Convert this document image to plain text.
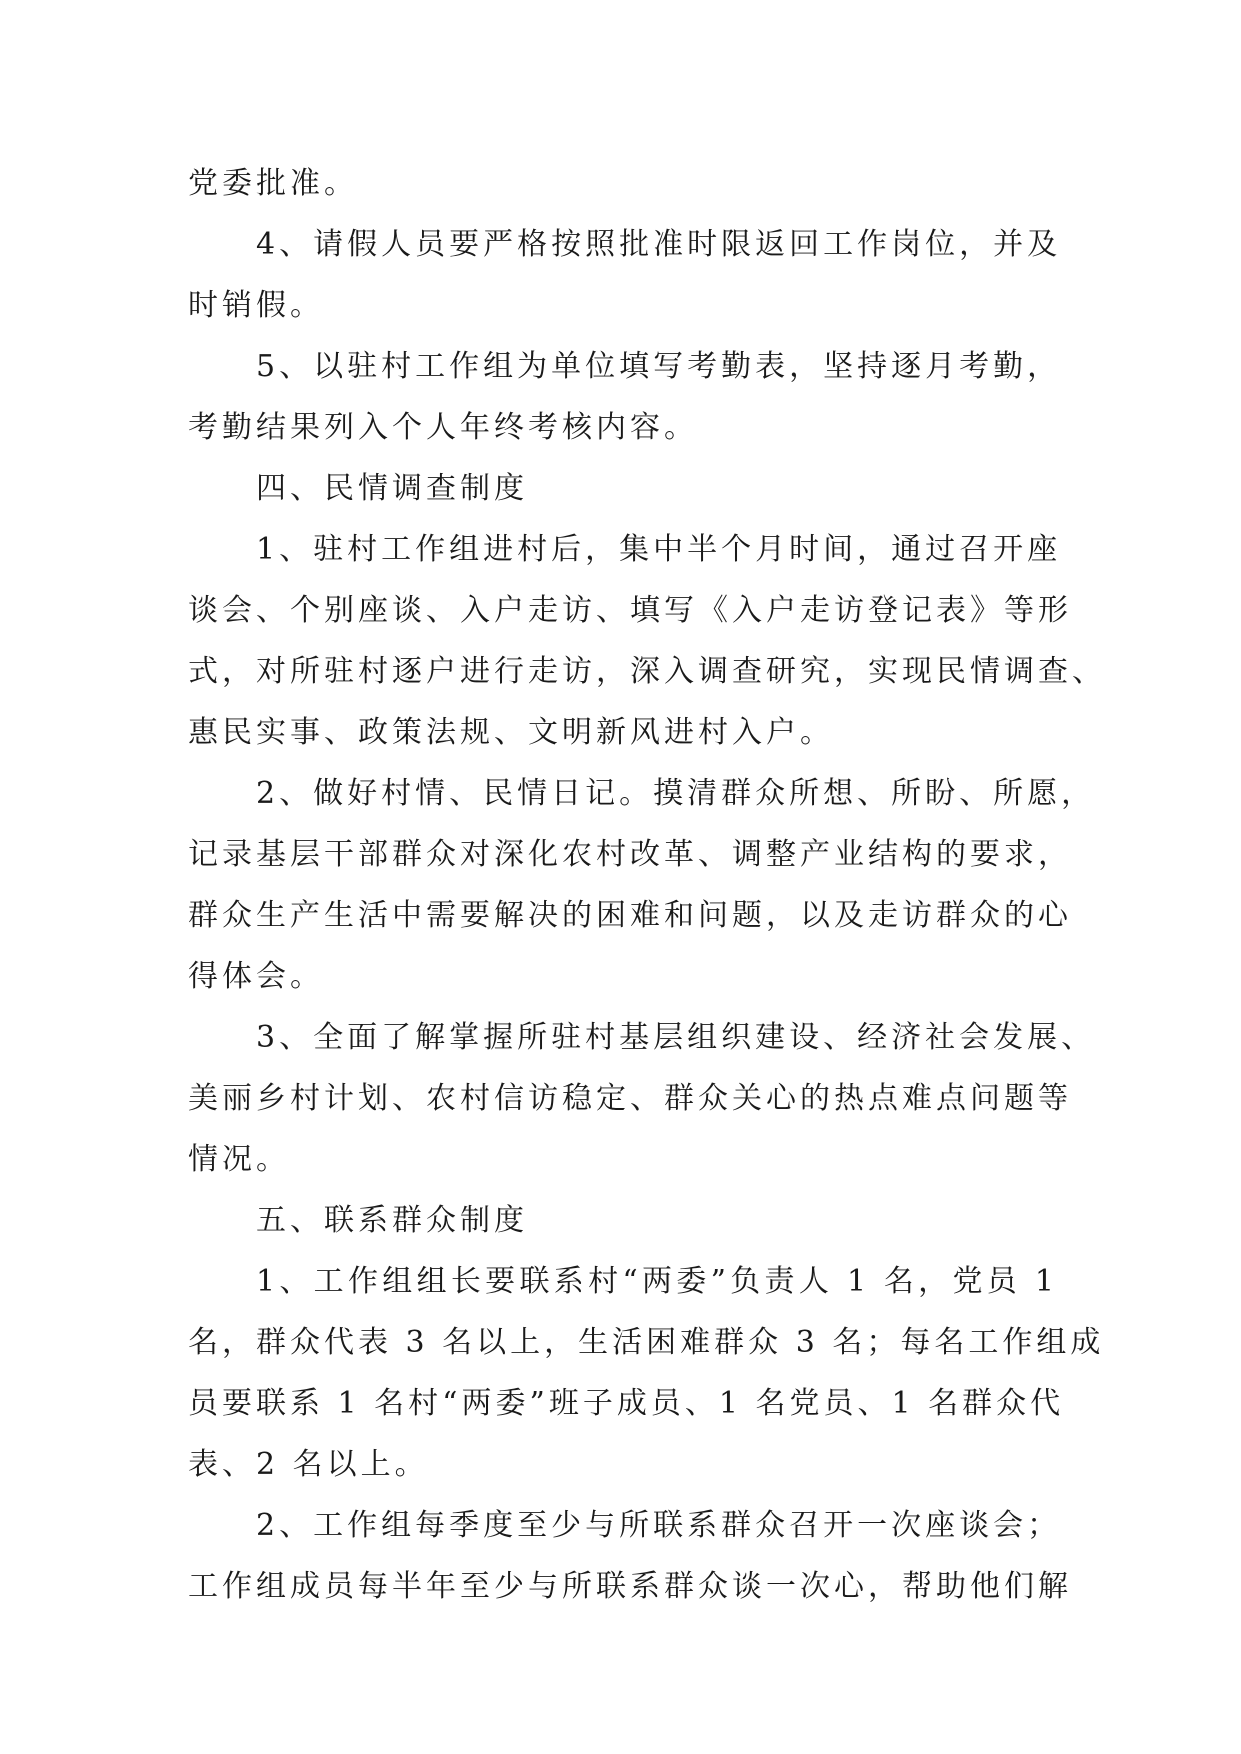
党委批准。
4、请假人员要严格按照批准时限返回工作岗位，并及
时销假。
5、以驻村工作组为单位填写考勤表，坚持逐月考勤，
考勤结果列入个人年终考核内容。
四、民情调查制度
1、驻村工作组进村后，集中半个月时间，通过召开座
谈会、个别座谈、入户走访、填写《入户走访登记表》等形
式，对所驻村逐户进行走访，深入调查研究，实现民情调查、
惠民实事、政策法规、文明新风进村入户。
2、做好村情、民情日记。摸清群众所想、所盼、所愿，
记录基层干部群众对深化农村改革、调整产业结构的要求，
群众生产生活中需要解决的困难和问题，以及走访群众的心
得体会。
3、全面了解掌握所驻村基层组织建设、经济社会发展、
美丽乡村计划、农村信访稳定、群众关心的热点难点问题等
情况。
五、联系群众制度
1、工作组组长要联系村“两委”负责人 1 名，党员 1
名，群众代表 3 名以上，生活困难群众 3 名；每名工作组成
员要联系 1 名村“两委”班子成员、1 名党员、1 名群众代
表、2 名以上。
2、工作组每季度至少与所联系群众召开一次座谈会；
工作组成员每半年至少与所联系群众谈一次心，帮助他们解
